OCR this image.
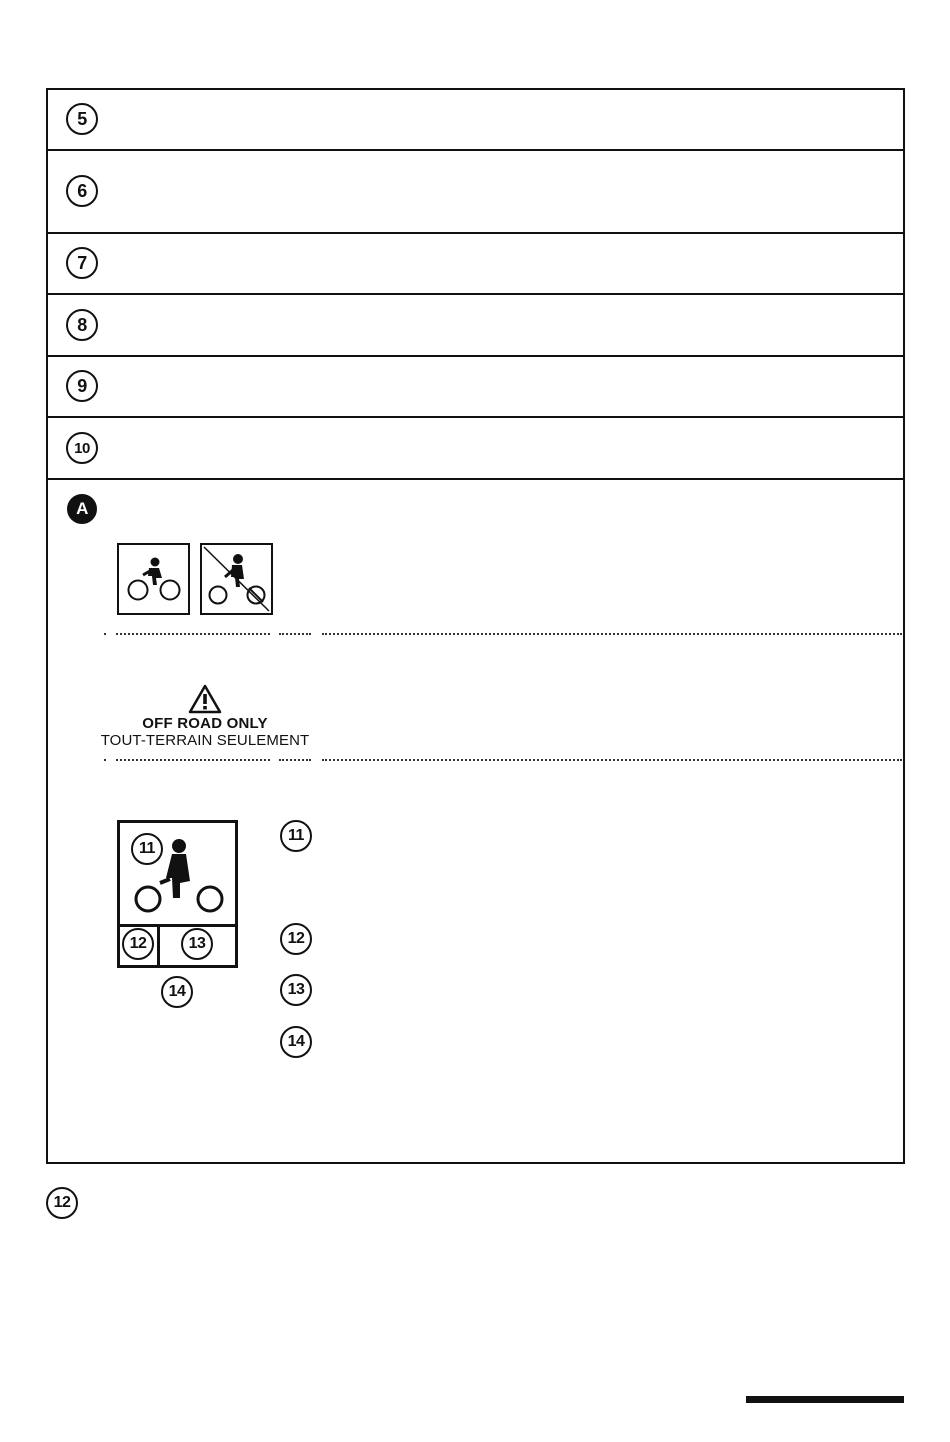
5
6
7
8
9
10
A
OFF ROAD ONLY
TOUT-TERRAIN SEULEMENT
11
12	13
14
11
12
13
14
12
